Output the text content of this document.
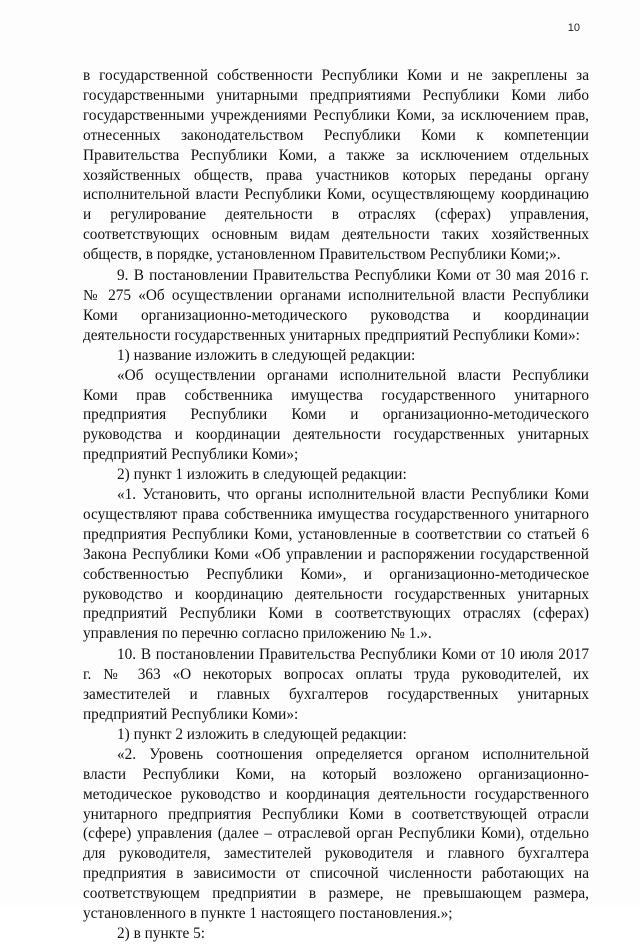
10

в государственной собственности Республики Коми и не закреплены за государственными унитарными предприятиями Республики Коми либо государственными учреждениями Республики Коми, за исключением прав, отнесенных законодательством Республики Коми к компетенции Правительства Республики Коми, а также за исключением отдельных хозяйственных обществ, права участников которых переданы органу исполнительной власти Республики Коми, осуществляющему координацию и регулирование деятельности в отраслях (сферах) управления, соответствующих основным видам деятельности таких хозяйственных обществ, в порядке, установленном Правительством Республики Коми;».

9. В постановлении Правительства Республики Коми от 30 мая 2016 г. № 275 «Об осуществлении органами исполнительной власти Республики Коми организационно-методического руководства и координации деятельности государственных унитарных предприятий Республики Коми»:

1) название изложить в следующей редакции:

«Об осуществлении органами исполнительной власти Республики Коми прав собственника имущества государственного унитарного предприятия Республики Коми и организационно-методического руководства и координации деятельности государственных унитарных предприятий Республики Коми»;

2) пункт 1 изложить в следующей редакции:

«1. Установить, что органы исполнительной власти Республики Коми осуществляют права собственника имущества государственного унитарного предприятия Республики Коми, установленные в соответствии со статьей 6 Закона Республики Коми «Об управлении и распоряжении государственной собственностью Республики Коми», и организационно-методическое руководство и координацию деятельности государственных унитарных предприятий Республики Коми в соответствующих отраслях (сферах) управления по перечню согласно приложению № 1.».

10. В постановлении Правительства Республики Коми от 10 июля 2017 г. № 363 «О некоторых вопросах оплаты труда руководителей, их заместителей и главных бухгалтеров государственных унитарных предприятий Республики Коми»:

1) пункт 2 изложить в следующей редакции:

«2. Уровень соотношения определяется органом исполнительной власти Республики Коми, на который возложено организационно-методическое руководство и координация деятельности государственного унитарного предприятия Республики Коми в соответствующей отрасли (сфере) управления (далее – отраслевой орган Республики Коми), отдельно для руководителя, заместителей руководителя и главного бухгалтера предприятия в зависимости от списочной численности работающих на соответствующем предприятии в размере, не превышающем размера, установленного в пункте 1 настоящего постановления.»;

2) в пункте 5:
